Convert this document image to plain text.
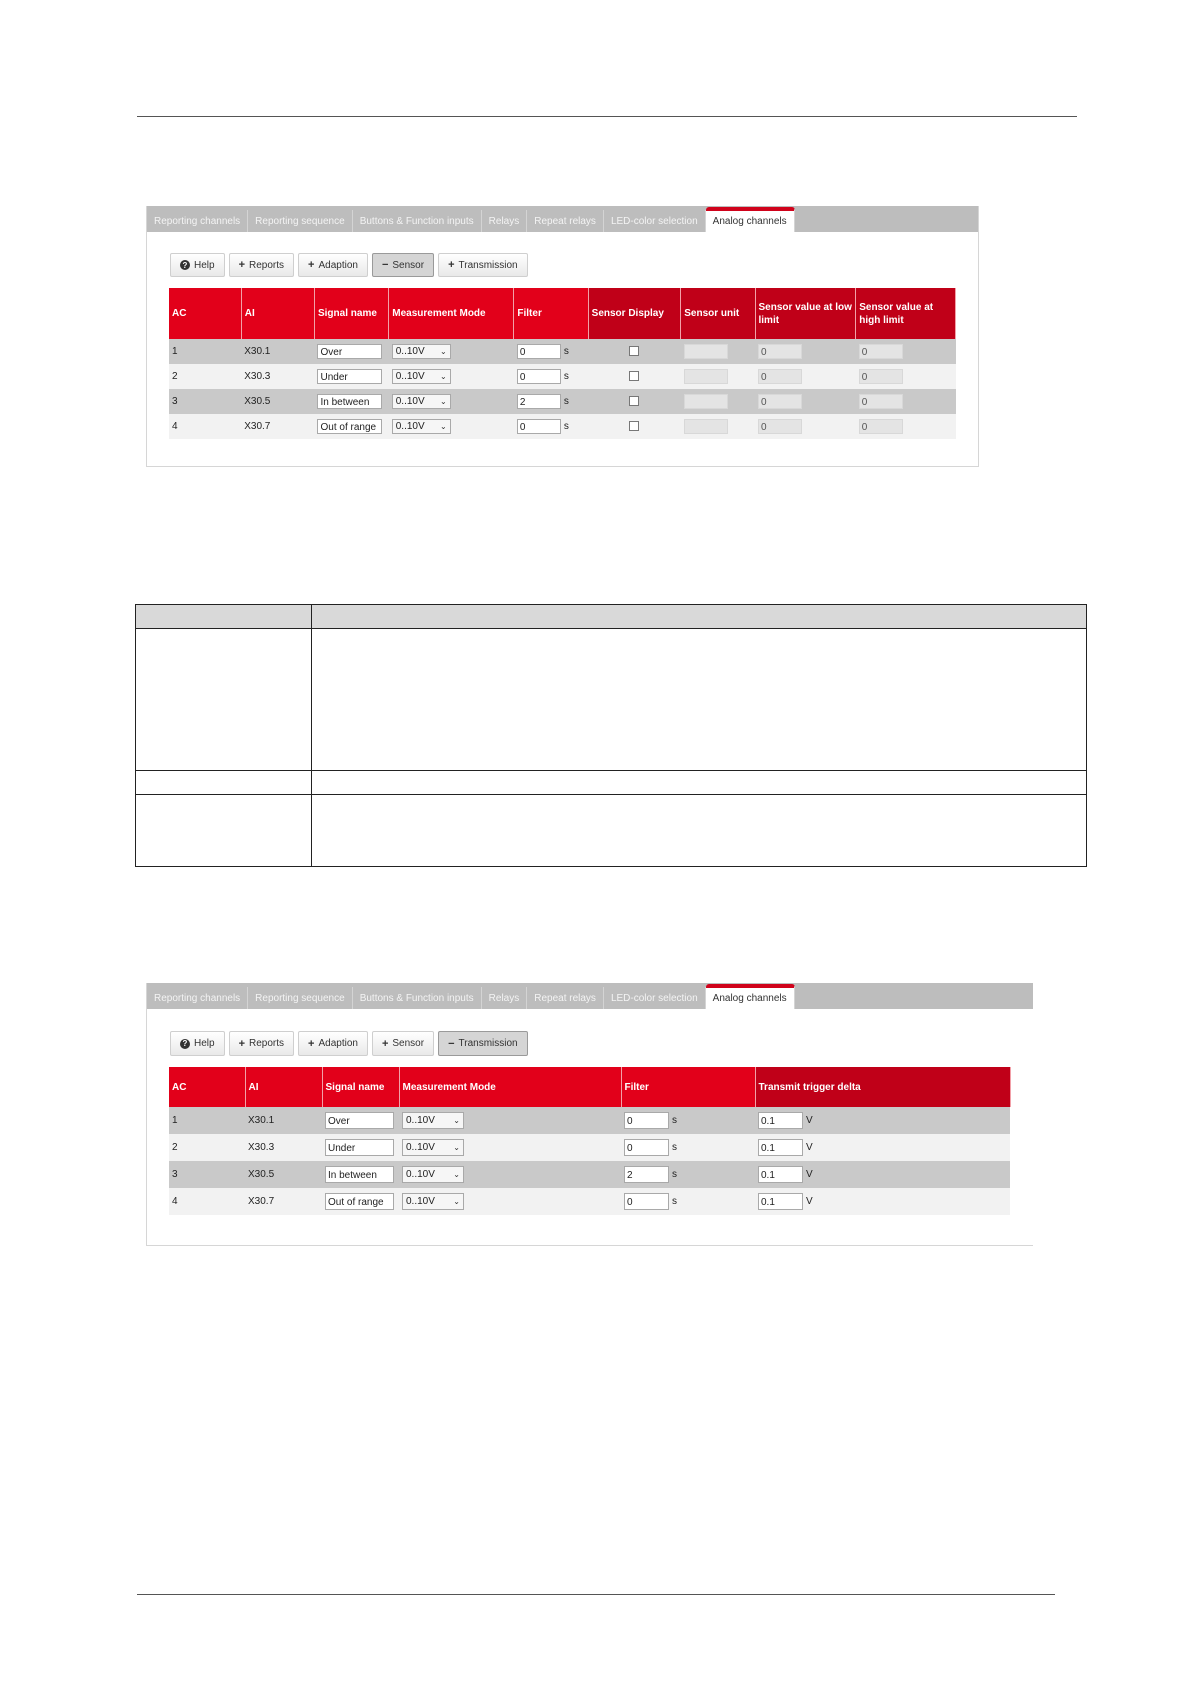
Reporting channels	Reporting sequence	Buttons & Function inputs	Relays	Repeat relays	LED-color selection	Analog channels
? Help + Reports + Adaption − Sensor + Transmission
AC	AI	Signal name	Measurement Mode	Filter	Sensor Display	Sensor unit	Sensor value at low limit	Sensor value at high limit
1	X30.1	Over	0..10V ⌄	0 s			0	0
2	X30.3	Under	0..10V ⌄	0 s			0	0
3	X30.5	In between	0..10V ⌄	2 s			0	0
4	X30.7	Out of range	0..10V ⌄	0 s			0	0

Reporting channels	Reporting sequence	Buttons & Function inputs	Relays	Repeat relays	LED-color selection	Analog channels
? Help + Reports + Adaption + Sensor − Transmission
AC	AI	Signal name	Measurement Mode	Filter	Transmit trigger delta
1	X30.1	Over	0..10V ⌄	0 s	0.1 V
2	X30.3	Under	0..10V ⌄	0 s	0.1 V
3	X30.5	In between	0..10V ⌄	2 s	0.1 V
4	X30.7	Out of range	0..10V ⌄	0 s	0.1 V
